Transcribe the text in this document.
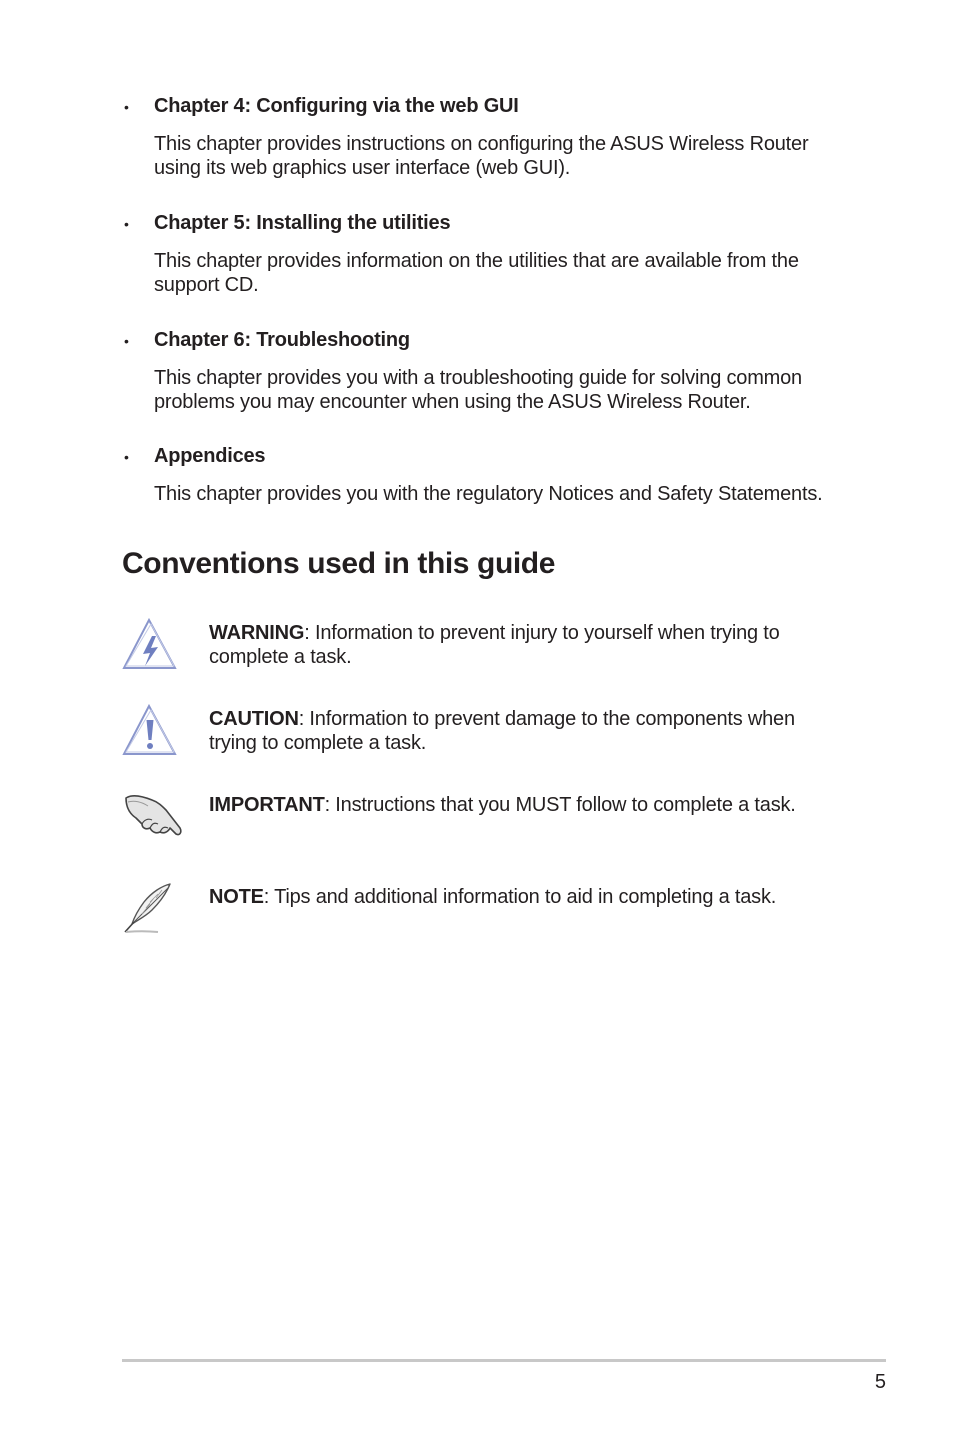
• Chapter 4: Configuring via the web GUI
This chapter provides instructions on configuring the ASUS Wireless Router using its web graphics user interface (web GUI).
• Chapter 5: Installing the utilities
This chapter provides information on the utilities that are available from the support CD.
• Chapter 6: Troubleshooting
This chapter provides you with a troubleshooting guide for solving common problems you may encounter when using the ASUS Wireless Router.
• Appendices
This chapter provides you with the regulatory Notices and Safety Statements.
Conventions used in this guide
WARNING: Information to prevent injury to yourself when trying to complete a task.
CAUTION: Information to prevent damage to the components when trying to complete a task.
IMPORTANT: Instructions that you MUST follow to complete a task.
NOTE: Tips and additional information to aid in completing a task.
5
